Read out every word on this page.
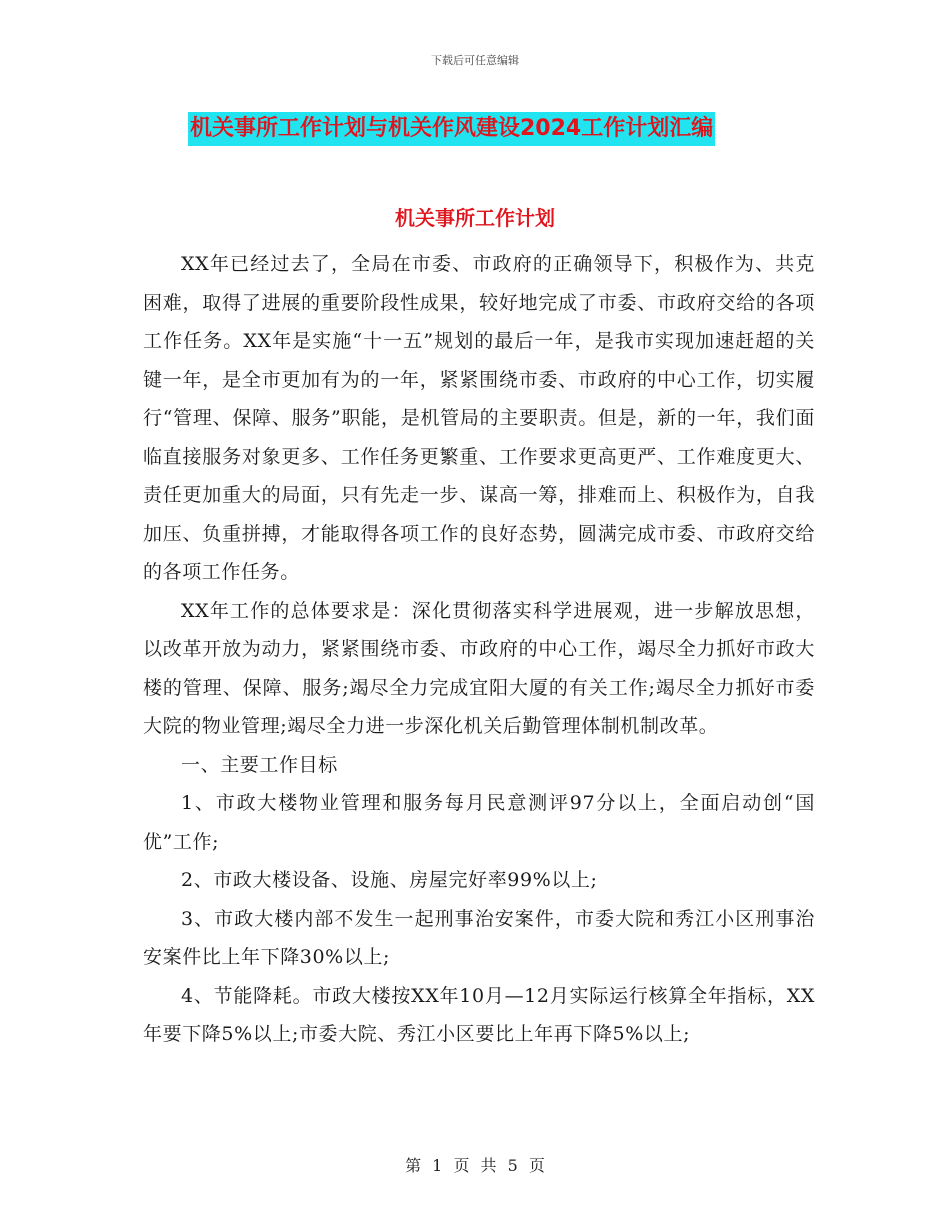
下载后可任意编辑
机关事所工作计划与机关作风建设2024工作计划汇编
机关事所工作计划

XX年已经过去了，全局在市委、市政府的正确领导下，积极作为、共克困难，取得了进展的重要阶段性成果，较好地完成了市委、市政府交给的各项工作任务。XX年是实施“十一五”规划的最后一年，是我市实现加速赶超的关键一年，是全市更加有为的一年，紧紧围绕市委、市政府的中心工作，切实履行“管理、保障、服务”职能，是机管局的主要职责。但是，新的一年，我们面临直接服务对象更多、工作任务更繁重、工作要求更高更严、工作难度更大、责任更加重大的局面，只有先走一步、谋高一筹，排难而上、积极作为，自我加压、负重拼搏，才能取得各项工作的良好态势，圆满完成市委、市政府交给的各项工作任务。

XX年工作的总体要求是：深化贯彻落实科学进展观，进一步解放思想，以改革开放为动力，紧紧围绕市委、市政府的中心工作，竭尽全力抓好市政大楼的管理、保障、服务;竭尽全力完成宜阳大厦的有关工作;竭尽全力抓好市委大院的物业管理;竭尽全力进一步深化机关后勤管理体制机制改革。

一、主要工作目标

1、市政大楼物业管理和服务每月民意测评97分以上，全面启动创“国优”工作;

2、市政大楼设备、设施、房屋完好率99%以上;

3、市政大楼内部不发生一起刑事治安案件，市委大院和秀江小区刑事治安案件比上年下降30%以上;

4、节能降耗。市政大楼按XX年10月—12月实际运行核算全年指标，XX年要下降5%以上;市委大院、秀江小区要比上年再下降5%以上;

第 1 页 共 5 页
